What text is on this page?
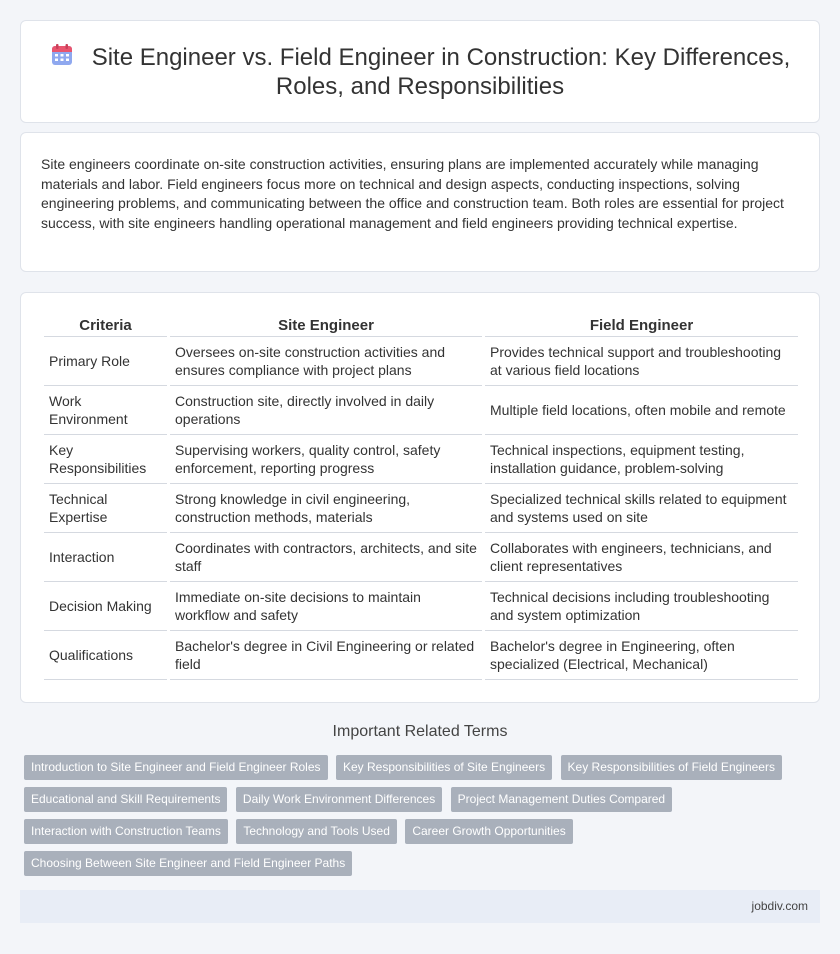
Site Engineer vs. Field Engineer in Construction: Key Differences, Roles, and Responsibilities

Site engineers coordinate on-site construction activities, ensuring plans are implemented accurately while managing materials and labor. Field engineers focus more on technical and design aspects, conducting inspections, solving engineering problems, and communicating between the office and construction team. Both roles are essential for project success, with site engineers handling operational management and field engineers providing technical expertise.

Criteria	Site Engineer	Field Engineer
Primary Role	Oversees on-site construction activities and ensures compliance with project plans	Provides technical support and troubleshooting at various field locations
Work Environment	Construction site, directly involved in daily operations	Multiple field locations, often mobile and remote
Key Responsibilities	Supervising workers, quality control, safety enforcement, reporting progress	Technical inspections, equipment testing, installation guidance, problem-solving
Technical Expertise	Strong knowledge in civil engineering, construction methods, materials	Specialized technical skills related to equipment and systems used on site
Interaction	Coordinates with contractors, architects, and site staff	Collaborates with engineers, technicians, and client representatives
Decision Making	Immediate on-site decisions to maintain workflow and safety	Technical decisions including troubleshooting and system optimization
Qualifications	Bachelor's degree in Civil Engineering or related field	Bachelor's degree in Engineering, often specialized (Electrical, Mechanical)
Important Related Terms
Introduction to Site Engineer and Field Engineer Roles Key Responsibilities of Site Engineers Key Responsibilities of Field Engineers
Educational and Skill Requirements Daily Work Environment Differences Project Management Duties Compared
Interaction with Construction Teams Technology and Tools Used Career Growth Opportunities
Choosing Between Site Engineer and Field Engineer Paths
jobdiv.com
